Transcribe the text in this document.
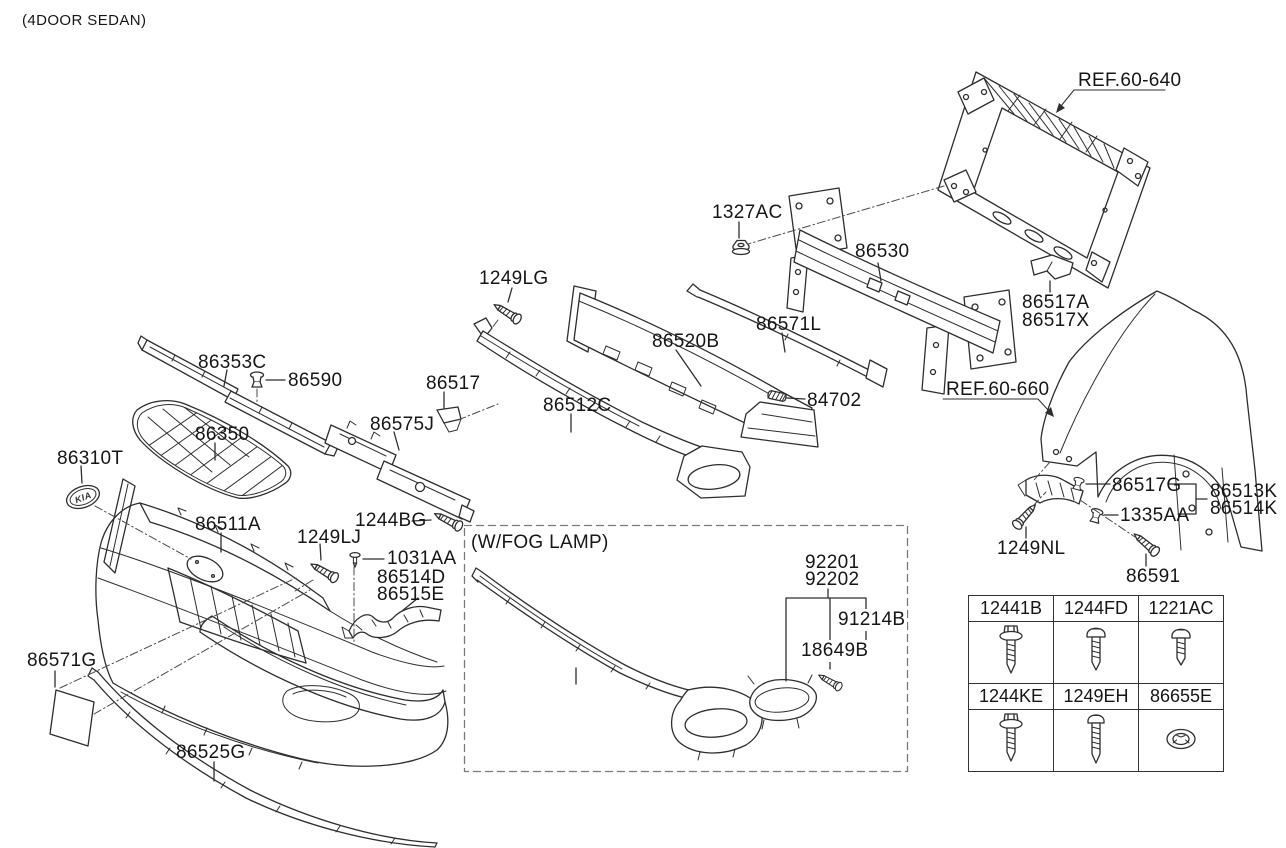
KIA
(4DOOR SEDAN)
REF.60-640
1327AC
86530
86517A
86517X
1249LG
86571L
86520B
86517
84702
86353C
86590
86350	86575J
86512C
86310T
REF.60-660
86511A	1244BG
1249LJ
1031AA
86514D
86515E
86513K
86514K
86517G
1335AA
1249NL
86591
86571G
86525G
(W/FOG LAMP)
92201
92202
91214B
18649B
12441B	1244FD	1221AC

1244KE	1249EH	86655E
